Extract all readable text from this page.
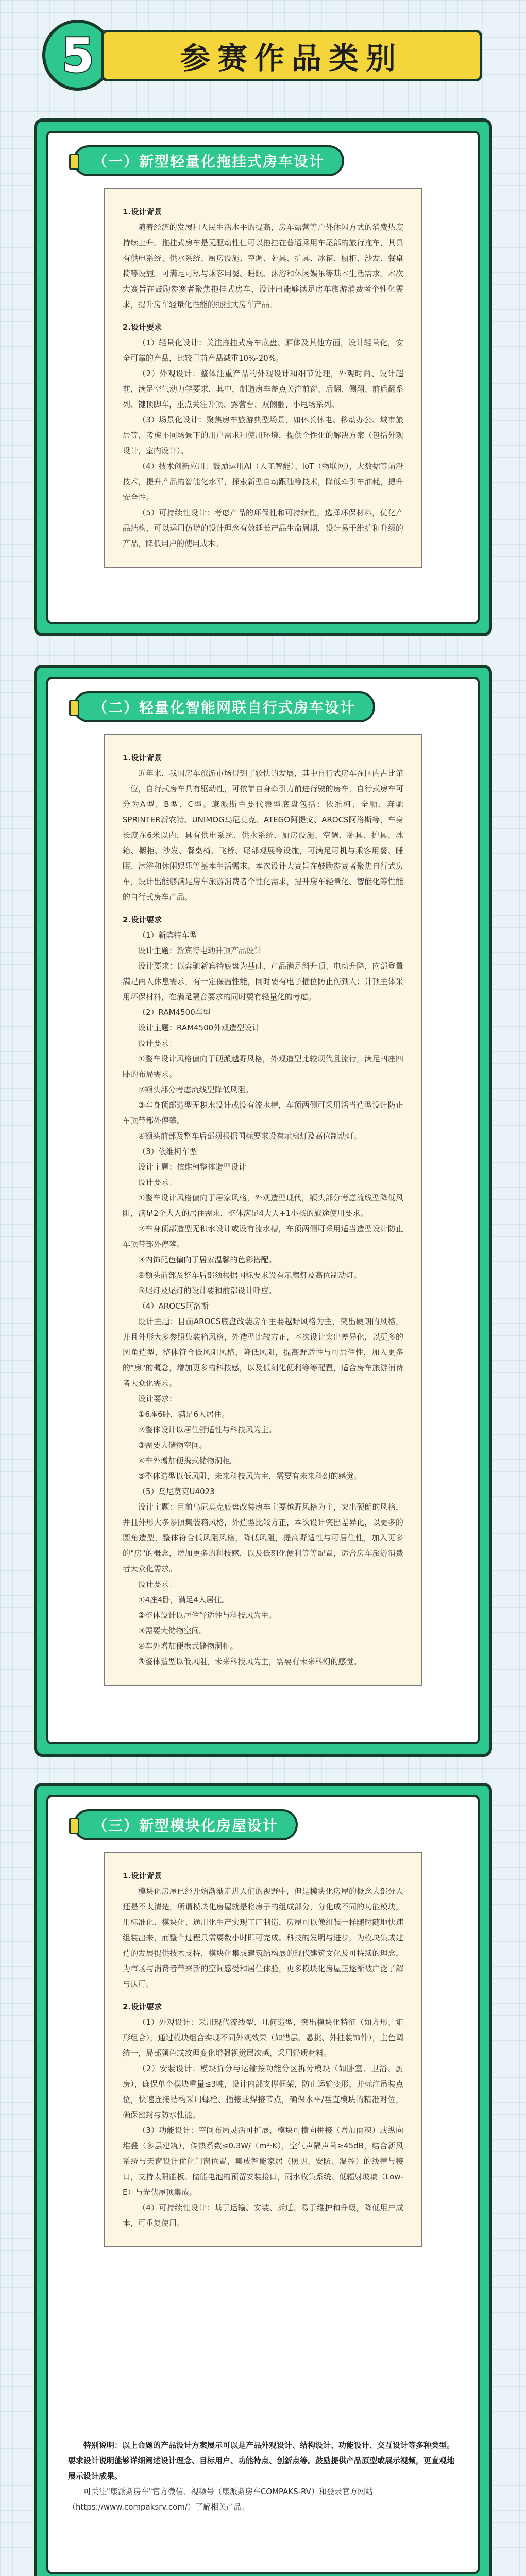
5	参赛作品类别
（一）新型轻量化拖挂式房车设计
1.设计背景
随着经济的发展和人民生活水平的提高，房车露营等户外休闲方式的消费热度持续上升。拖挂式房车是无驱动性但可以拖挂在普通乘用车尾部的旅行拖车，其具有供电系统、供水系统、厨房设施、空调、卧具、护具、冰箱、橱柜、沙发、餐桌椅等设施。可满足可私与乘客用餐、睡眠、沐浴和休闲娱乐等基本生活需求。本次大赛旨在鼓励参赛者聚焦拖挂式房车，设计出能够满足房车旅游消费者个性化需求，提升房车轻量化性能的拖挂式房车产品。
2.设计要求
（1）轻量化设计：关注拖挂式房车底盘、厢体及其他方面，设计轻量化，安全可靠的产品，比较目前产品减重10%-20%。
（2）外观设计：整体注重产品的外观设计和细节处理，外观时尚、设计超前，满足空气动力学要求，其中，制造房车盖点关注前窗、后翻、侧翻、前后翻系列、键顶脚车，重点关注升顶、露营台、双侧翻、小甩场系列。
（3）场景化设计：聚焦房车旅游典型场景，如休长休电、移动办公、城市旅居等，考虑不同场景下的用户需求和使用环境，提供个性化的解决方案（包括外观设计，室内设计）。
（4）技术创新应用：鼓励运用AI（人工智能）、IoT（物联网），大数据等前沿技术，提升产品的智能化水平，探索新型自动跟随等技术，降低牵引车油耗，提升安全性。
（5）可持续性设计：考虑产品的环保性和可持续性，选择环保材料，优化产品结构，可以运用仿增的设计理念有效延长产品生命周期，设计易于维护和升级的产品，降低用户的使用成本。
（二）轻量化智能网联自行式房车设计
1.设计背景
近年来，我国房车旅游市场得到了较快的发展，其中自行式房车在国内占比第一位，自行式房车具有驱动性，可依靠自身牵引力前进行驶的房车，自行式房车可分为A型、B型、C型。康派斯主要代表型底盘包括：依维柯、全顺、奔驰SPRINTER新农特、UNIMOG乌尼莫克、ATEGO阿提戈、AROCS阿洛斯等，车身长度在6米以内，具有供电系统、供水系统、厨房设施、空调、卧具、护具、冰箱、橱柜、沙发、餐桌椅、飞桥、尾部观展等设施，可满足可机与乘客用餐、睡眠、沐浴和休闲娱乐等基本生活需求。本次设计大赛旨在鼓励参赛者聚焦自行式房车，设计出能够满足房车旅游消费者个性化需求，提升房车轻量化、智能化等性能的自行式房车产品。
2.设计要求
（1）新宾特车型
设计主题：新宾特电动升顶产品设计
设计要求：以奔驰新宾特底盘为基础，产品满足斜升顶、电动升降，内部登置满足两人休息需求，有一定保温性能，同时要有电子插位防止伤到人；升顶主体采用环保材料，在满足隔音要求的同时要有轻量化的考虑。
（2）RAM4500车型
设计主题：RAM4500外观造型设计
设计要求：
①整车设计风格偏向于硬派越野风格，外观造型比较现代且流行，满足四座四卧的布局需求。
②额头部分考虑流线型降低风阻。
③车身顶部造型无积水设计或设有流水槽，车顶两侧可采用活当造型设计防止车顶带都外停攀。
④额头前部及整车后部须根据国标要求设有示廓灯及高位制动灯。
（3）依维柯车型
设计主题：依维柯整体造型设计
设计要求：
①整车设计风格偏向于居家风格，外观造型现代，额头部分考虑流线型降低风阻，满足2个大人的居住需求，整体满足4大人+1小孩的旅途使用要求。
②车身顶部造型无积水设计或设有流水槽，车顶两侧可采用适当造型设计防止车顶带部外停攀。
③内饰配色偏向于居家温馨的色彩搭配。
④额头前部及整车后部须根据国标要求设有示廓灯及高位制动灯。
⑤尾灯及尾灯的设计要和前部设计呼应。
（4）AROCS阿洛斯
设计主题：目前AROCS底盘改装房车主要越野风格为主，突出硬朗的风格，并且外形大多参照集装箱风格，外造型比较方正，本次设计突出差异化，以更多的圆角造型，整体符合低风阻风格，降低风阻，提高野适性与可居住性，加入更多的"房"的概念，增加更多的科技感，以及低刻化便利等等配置，适合房车旅游消费者大众化需求。
设计要求：
①6座6卧，满足6人居住。
②整体设计以居住舒适性与科技风为主。
③需要大储物空间。
④车外增加便携式储物洞柜。
⑤整体造型以低风阻，未来科技风为主，需要有未来科幻的感觉。
（5）乌尼莫克U4023
设计主题：目前乌尼莫克底盘改装房车主要越野风格为主，突出硬朗的风格，并且外形大多参照集装箱风格，外造型比较方正，本次设计突出差异化，以更多的圆角造型，整体符合低风阻风格，降低风阻，提高野适性与可居住性，加入更多的"房"的概念，增加更多的科技感，以及低刻化便利等等配置，适合房车旅游消费者大众化需求。
设计要求：
①4座4卧，满足4人居住。
②整体设计以居住舒适性与科技风为主。
③需要大储物空间。
④车外增加便携式储物洞柜。
⑤整体造型以低风阻，未来科技风为主，需要有未来科幻的感觉。
（三）新型模块化房屋设计
1.设计背景
模块化房屋已经开始渐渐走进人们的视野中，但是模块化房屋的概念大部分人还是不太清楚，所谓模块化房屋就是将房子的组成部分，分化成不同的功能模块，用标准化、模块化、通用化生产实现工厂制造，房屋可以像组装一样随时随地快速组装出来，而整个过程只需要数小时即可完成。科技的发明与进步，为模块集成建造的发展提供技术支持，模块化集成建筑结构展的现代建筑文化及可持续的理念，为市场与消费者带来新的空间感受和居住体验，更多模块化房屋正逐渐被广泛了解与认可。
2.设计要求
（1）外观设计：采用现代流线型、几何造型，突出模块化特征（如方形、矩形组合），通过模块组合实现不同外观效果（如错层、悬挑、外挂装饰件），主色调统一，局部颜色或纹理变化增强视觉层次感，采用轻质材料。
（2）安装设计：模块拆分与运输按功能分区拆分模块（如卧室、卫浴、厨房），确保单个模块重量≤3吨，设计内部支撑框架，防止运输变形，并标注吊装点位，快速连接结构采用螺栓、插接或焊接节点，确保水平/垂直模块的精准对位，确保密封与防水性能。
（3）功能设计：空间布局灵活可扩展，模块可横向拼接（增加面积）或纵向堆叠（多层建筑），传热系数≤0.3W/（m²·K），空气声隔声量≥45dB，结合新风系统与天窗设计优化门窗位置，集成智能家居（照明、安防、温控）的线槽与接口，支持太阳能板、储能电池的预留安装接口，雨水收集系统、低辐射玻璃（Low-E）与光伏屋顶集成。
（4）可持续性设计：基于运输、安装、拆迁、易于维护和升级，降低用户成本，可重复使用。
特别说明：以上命题的产品设计方案展示可以是产品外观设计、结构设计、功能设计、交互设计等多种类型。要求设计说明能够详细阐述设计理念、目标用户、功能特点、创新点等。鼓励提供产品原型或展示视频，更直观地展示设计成果。
可关注"康派斯房车"官方微信、视频号（康派斯房车COMPAKS-RV）和登录官方网站（https://www.compaksrv.com/）了解相关产品。
